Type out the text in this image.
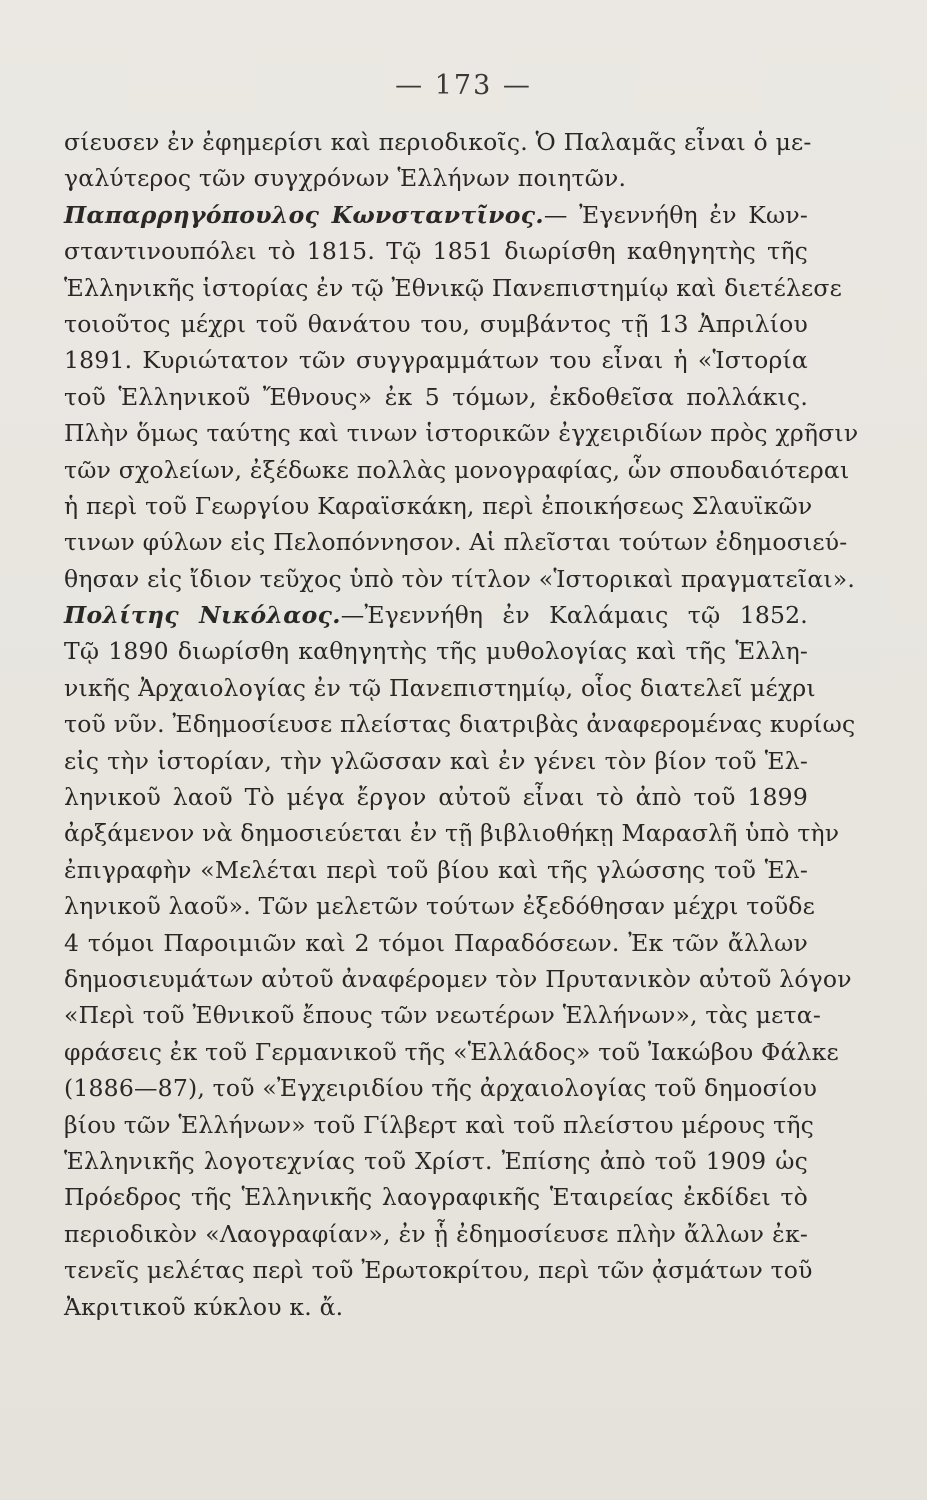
— 173 —
σίευσεν ἐν ἐφημερίσι καὶ περιοδικοῖς. Ὁ Παλαμᾶς εἶναι ὁ με-
γαλύτερος τῶν συγχρόνων Ἑλλήνων ποιητῶν.
Παπαρρηγόπουλος Κωνσταντῖνος.— Ἐγεννήθη ἐν Κων-
σταντινουπόλει τὸ 1815. Τῷ 1851 διωρίσθη καθηγητὴς τῆς
Ἑλληνικῆς ἱστορίας ἐν τῷ Ἐθνικῷ Πανεπιστημίῳ καὶ διετέλεσε
τοιοῦτος μέχρι τοῦ θανάτου του, συμβάντος τῇ 13 Ἀπριλίου
1891. Κυριώτατον τῶν συγγραμμάτων του εἶναι ἡ «Ἱστορία
τοῦ Ἑλληνικοῦ Ἔθνους» ἐκ 5 τόμων, ἐκδοθεῖσα πολλάκις.
Πλὴν ὅμως ταύτης καὶ τινων ἱστορικῶν ἐγχειριδίων πρὸς χρῆσιν
τῶν σχολείων, ἐξέδωκε πολλὰς μονογραφίας, ὧν σπουδαιότεραι
ἡ περὶ τοῦ Γεωργίου Καραϊσκάκη, περὶ ἐποικήσεως Σλαυϊκῶν
τινων φύλων εἰς Πελοπόννησον. Αἱ πλεῖσται τούτων ἐδημοσιεύ-
θησαν εἰς ἴδιον τεῦχος ὑπὸ τὸν τίτλον «Ἱστορικαὶ πραγματεῖαι».
Πολίτης Νικόλαος.—Ἐγεννήθη ἐν Καλάμαις τῷ 1852.
Τῷ 1890 διωρίσθη καθηγητὴς τῆς μυθολογίας καὶ τῆς Ἑλλη-
νικῆς Ἀρχαιολογίας ἐν τῷ Πανεπιστημίῳ, οἷος διατελεῖ μέχρι
τοῦ νῦν. Ἐδημοσίευσε πλείστας διατριβὰς ἀναφερομένας κυρίως
εἰς τὴν ἱστορίαν, τὴν γλῶσσαν καὶ ἐν γένει τὸν βίον τοῦ Ἑλ-
ληνικοῦ λαοῦ Τὸ μέγα ἔργον αὐτοῦ εἶναι τὸ ἀπὸ τοῦ 1899
ἀρξάμενον νὰ δημοσιεύεται ἐν τῇ βιβλιοθήκῃ Μαρασλῆ ὑπὸ τὴν
ἐπιγραφὴν «Μελέται περὶ τοῦ βίου καὶ τῆς γλώσσης τοῦ Ἑλ-
ληνικοῦ λαοῦ». Τῶν μελετῶν τούτων ἐξεδόθησαν μέχρι τοῦδε
4 τόμοι Παροιμιῶν καὶ 2 τόμοι Παραδόσεων. Ἐκ τῶν ἄλλων
δημοσιευμάτων αὐτοῦ ἀναφέρομεν τὸν Πρυτανικὸν αὐτοῦ λόγον
«Περὶ τοῦ Ἐθνικοῦ ἔπους τῶν νεωτέρων Ἑλλήνων», τὰς μετα-
φράσεις ἐκ τοῦ Γερμανικοῦ τῆς «Ἑλλάδος» τοῦ Ἰακώβου Φάλκε
(1886—87), τοῦ «Ἐγχειριδίου τῆς ἀρχαιολογίας τοῦ δημοσίου
βίου τῶν Ἑλλήνων» τοῦ Γίλβερτ καὶ τοῦ πλείστου μέρους τῆς
Ἑλληνικῆς λογοτεχνίας τοῦ Χρίστ. Ἐπίσης ἀπὸ τοῦ 1909 ὡς
Πρόεδρος τῆς Ἑλληνικῆς λαογραφικῆς Ἑταιρείας ἐκδίδει τὸ
περιοδικὸν «Λαογραφίαν», ἐν ᾗ ἐδημοσίευσε πλὴν ἄλλων ἐκ-
τενεῖς μελέτας περὶ τοῦ Ἐρωτοκρίτου, περὶ τῶν ᾀσμάτων τοῦ
Ἀκριτικοῦ κύκλου κ. ἄ.
